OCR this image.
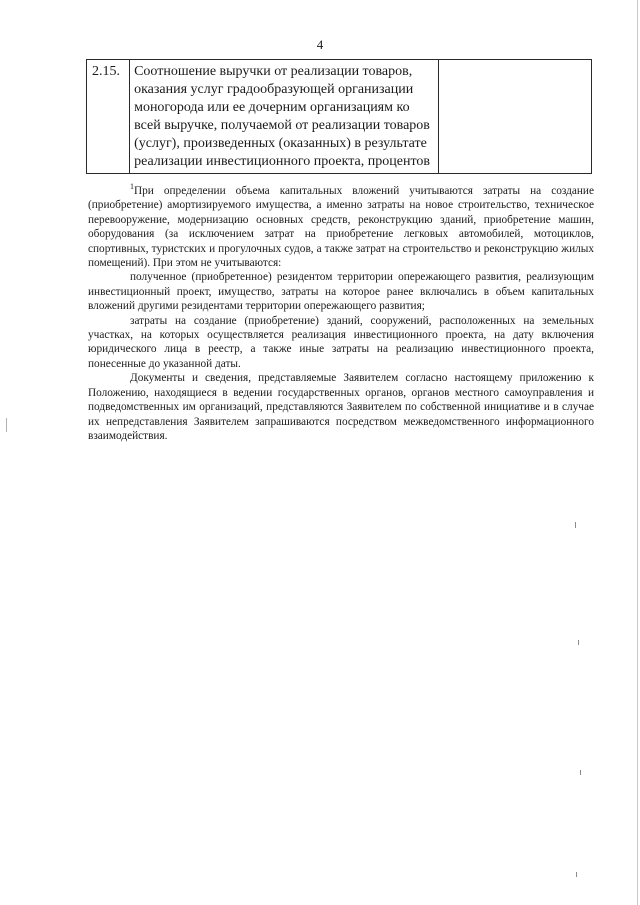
4
2.15.	Соотношение выручки от реализации товаров, оказания услуг градообразующей организации моногорода или ее дочерним организациям ко всей выручке, получаемой от реализации товаров (услуг), произведенных (оказанных) в результате реализации инвестиционного проекта, процентов	

$^1$При определении объема капитальных вложений учитываются затраты на создание (приобретение) амортизируемого имущества, а именно затраты на новое строительство, техническое перевооружение, модернизацию основных средств, реконструкцию зданий, приобретение машин, оборудования (за исключением затрат на приобретение легковых автомобилей, мотоциклов, спортивных, туристских и прогулочных судов, а также затрат на строительство и реконструкцию жилых помещений). При этом не учитываются:

полученное (приобретенное) резидентом территории опережающего развития, реализующим инвестиционный проект, имущество, затраты на которое ранее включались в объем капитальных вложений другими резидентами территории опережающего развития;

затраты на создание (приобретение) зданий, сооружений, расположенных на земельных участках, на которых осуществляется реализация инвестиционного проекта, на дату включения юридического лица в реестр, а также иные затраты на реализацию инвестиционного проекта, понесенные до указанной даты.

Документы и сведения, представляемые Заявителем согласно настоящему приложению к Положению, находящиеся в ведении государственных органов, органов местного самоуправления и подведомственных им организаций, представляются Заявителем по собственной инициативе и в случае их непредставления Заявителем запрашиваются посредством межведомственного информационного взаимодействия.
